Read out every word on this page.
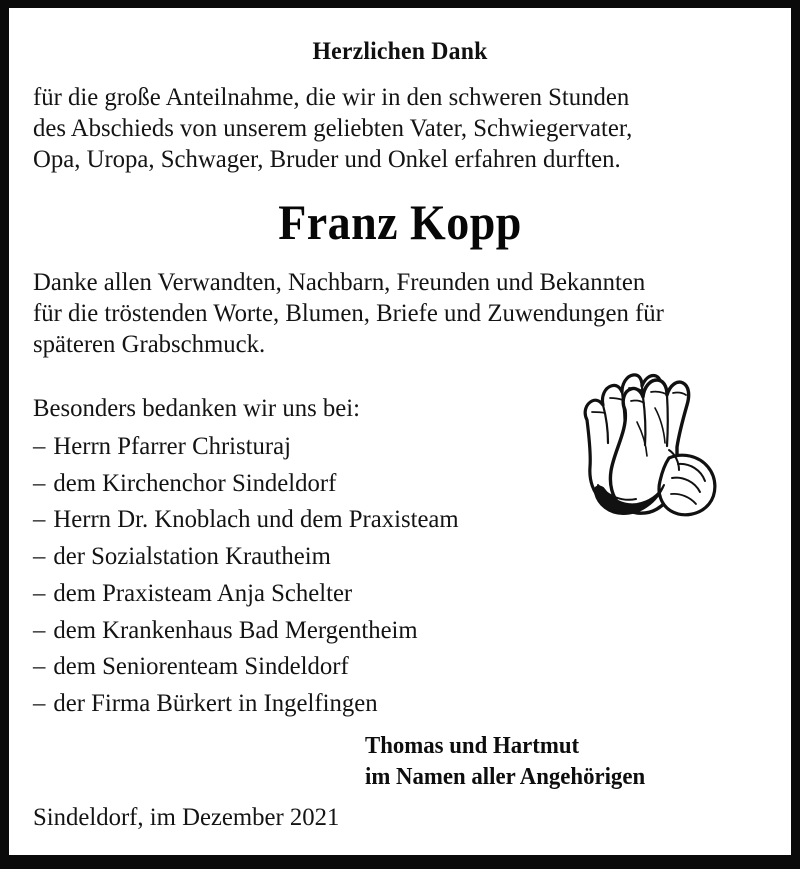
Herzlichen Dank
für die große Anteilnahme, die wir in den schweren Stunden
des Abschieds von unserem geliebten Vater, Schwiegervater,
Opa, Uropa, Schwager, Bruder und Onkel erfahren durften.
Franz Kopp
Danke allen Verwandten, Nachbarn, Freunden und Bekannten
für die tröstenden Worte, Blumen, Briefe und Zuwendungen für
späteren Grabschmuck.
Besonders bedanken wir uns bei:
– Herrn Pfarrer Christuraj
– dem Kirchenchor Sindeldorf
– Herrn Dr. Knoblach und dem Praxisteam
– der Sozialstation Krautheim
– dem Praxisteam Anja Schelter
– dem Krankenhaus Bad Mergentheim
– dem Seniorenteam Sindeldorf
– der Firma Bürkert in Ingelfingen
Thomas und Hartmut
im Namen aller Angehörigen
Sindeldorf, im Dezember 2021
